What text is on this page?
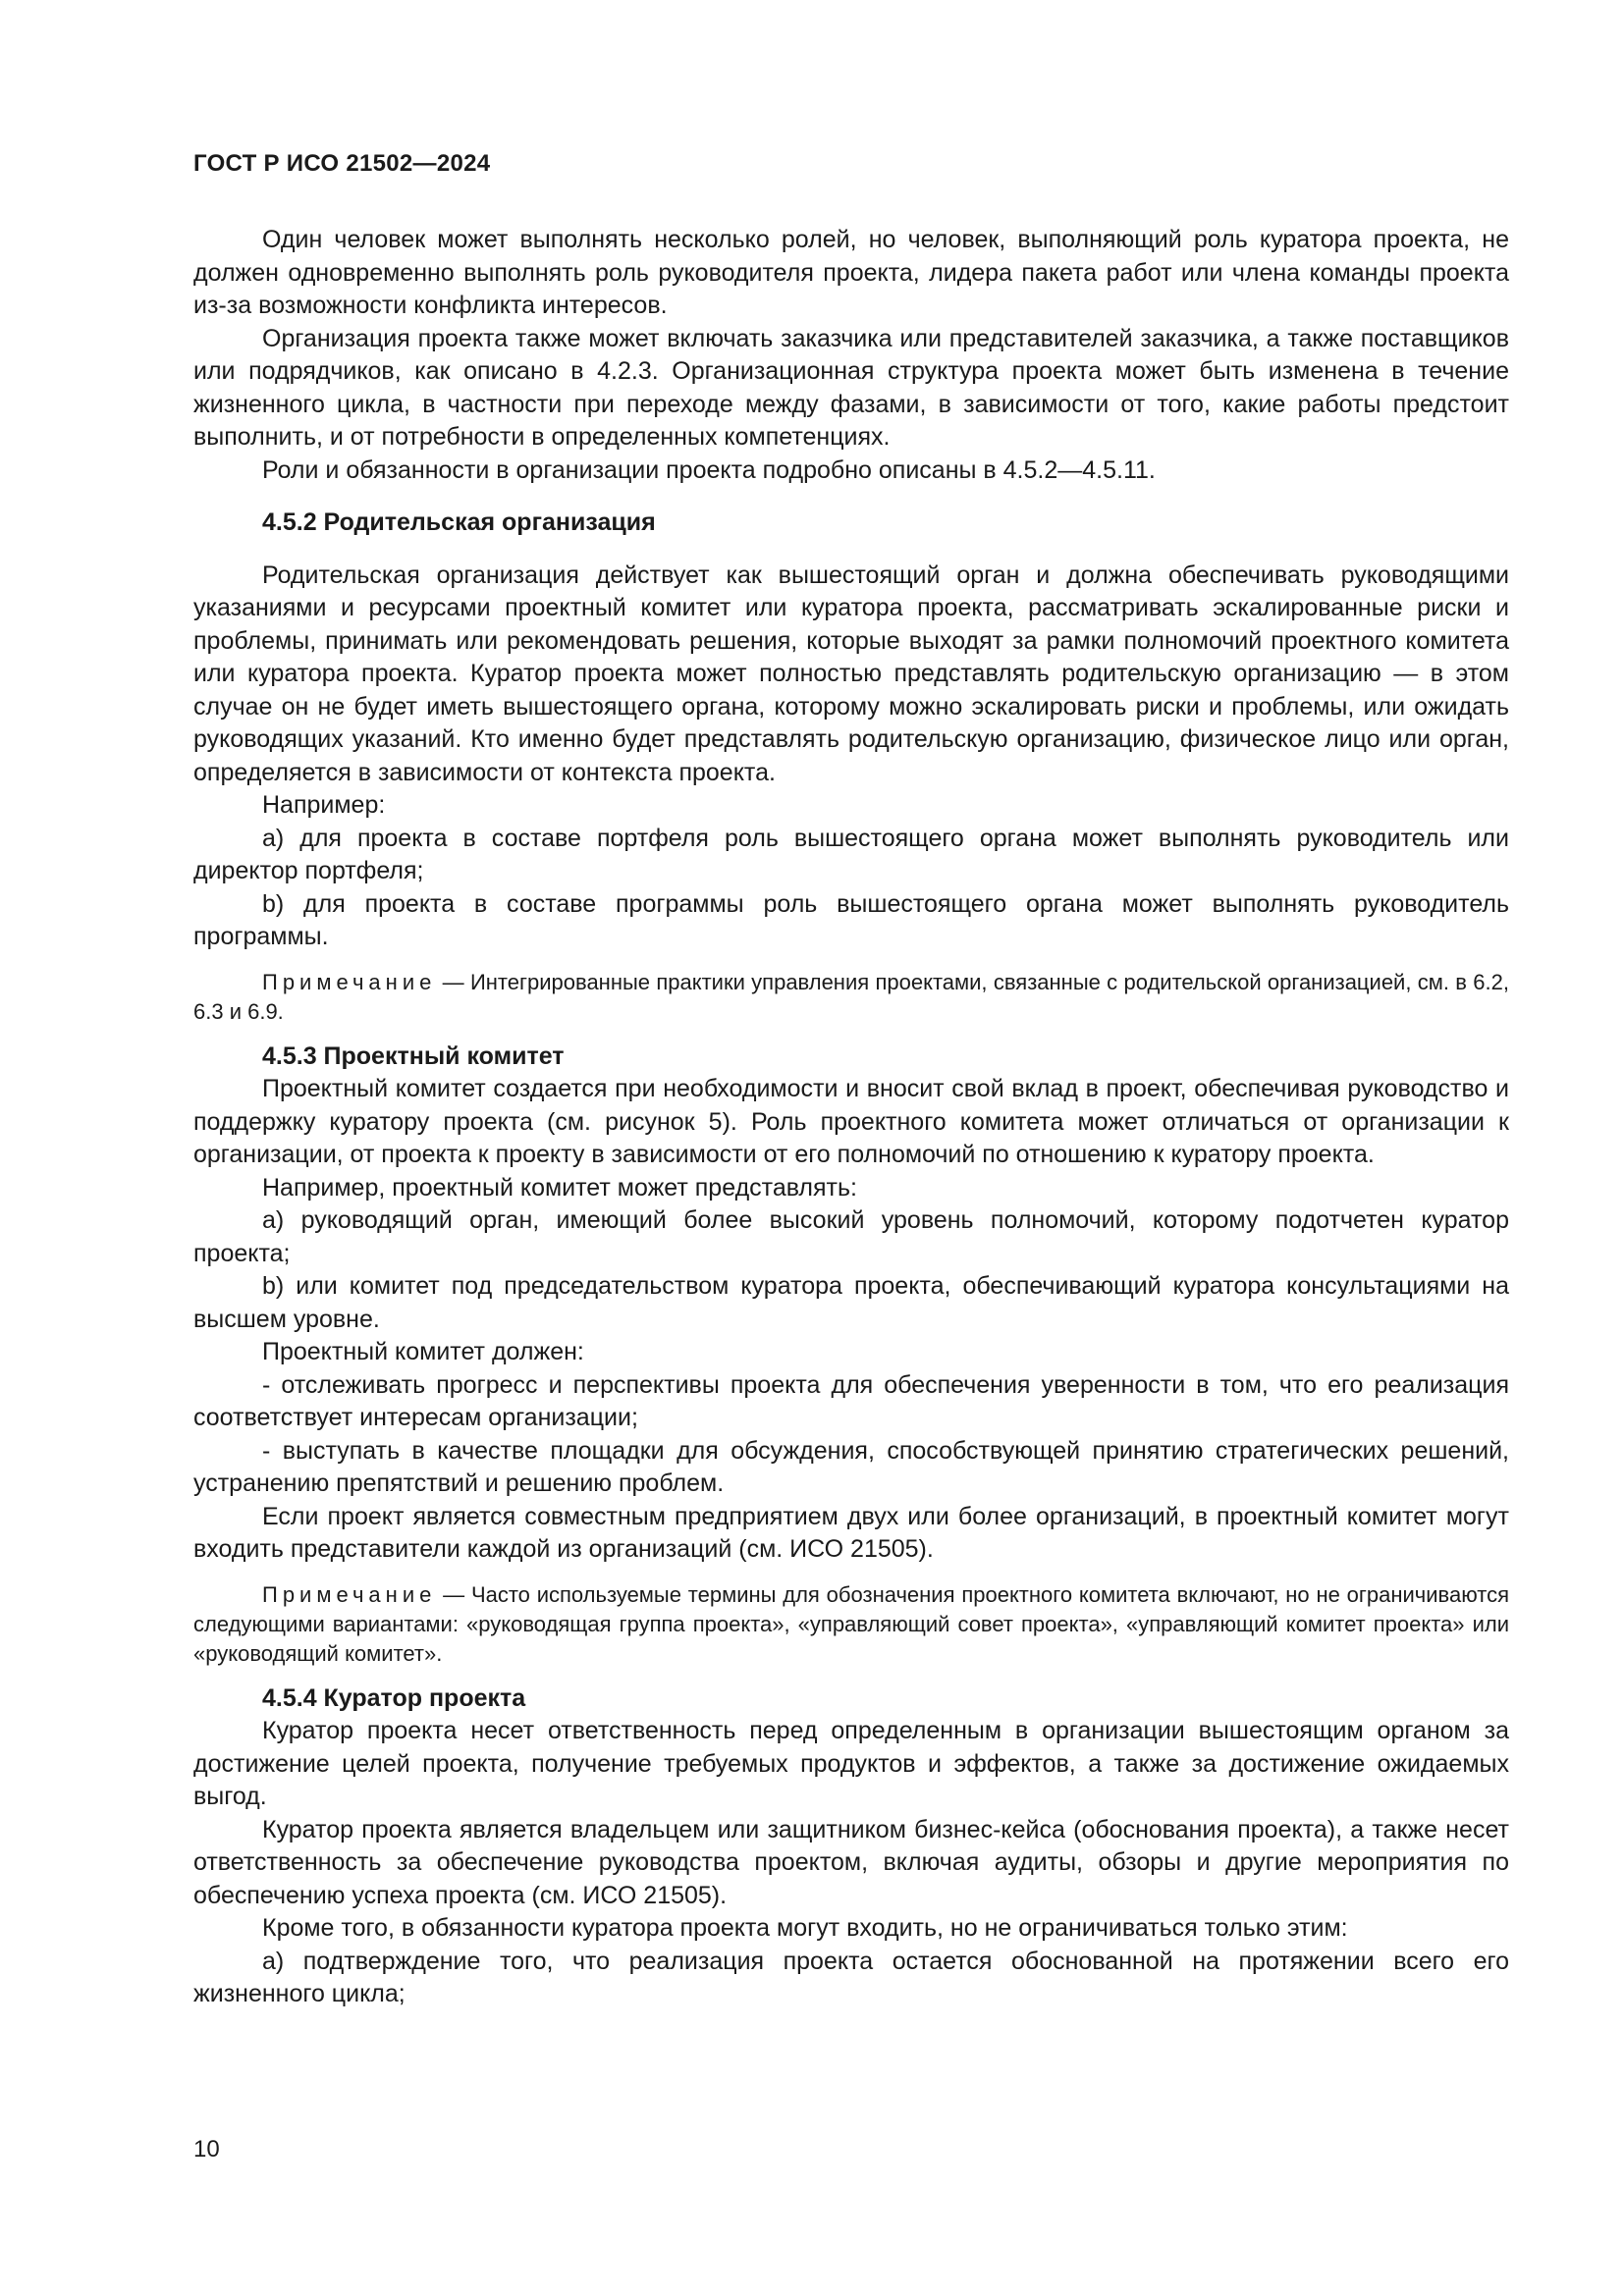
ГОСТ Р ИСО 21502—2024

Один человек может выполнять несколько ролей, но человек, выполняющий роль куратора проекта, не должен одновременно выполнять роль руководителя проекта, лидера пакета работ или члена команды проекта из-за возможности конфликта интересов.

Организация проекта также может включать заказчика или представителей заказчика, а также поставщиков или подрядчиков, как описано в 4.2.3. Организационная структура проекта может быть изменена в течение жизненного цикла, в частности при переходе между фазами, в зависимости от того, какие работы предстоит выполнить, и от потребности в определенных компетенциях.

Роли и обязанности в организации проекта подробно описаны в 4.5.2—4.5.11.

4.5.2 Родительская организация

Родительская организация действует как вышестоящий орган и должна обеспечивать руководящими указаниями и ресурсами проектный комитет или куратора проекта, рассматривать эскалированные риски и проблемы, принимать или рекомендовать решения, которые выходят за рамки полномочий проектного комитета или куратора проекта. Куратор проекта может полностью представлять родительскую организацию — в этом случае он не будет иметь вышестоящего органа, которому можно эскалировать риски и проблемы, или ожидать руководящих указаний. Кто именно будет представлять родительскую организацию, физическое лицо или орган, определяется в зависимости от контекста проекта.

Например:

a) для проекта в составе портфеля роль вышестоящего органа может выполнять руководитель или директор портфеля;

b) для проекта в составе программы роль вышестоящего органа может выполнять руководитель программы.

Примечание — Интегрированные практики управления проектами, связанные с родительской организацией, см. в 6.2, 6.3 и 6.9.

4.5.3 Проектный комитет

Проектный комитет создается при необходимости и вносит свой вклад в проект, обеспечивая руководство и поддержку куратору проекта (см. рисунок 5). Роль проектного комитета может отличаться от организации к организации, от проекта к проекту в зависимости от его полномочий по отношению к куратору проекта.

Например, проектный комитет может представлять:

a) руководящий орган, имеющий более высокий уровень полномочий, которому подотчетен куратор проекта;

b) или комитет под председательством куратора проекта, обеспечивающий куратора консультациями на высшем уровне.

Проектный комитет должен:

- отслеживать прогресс и перспективы проекта для обеспечения уверенности в том, что его реализация соответствует интересам организации;

- выступать в качестве площадки для обсуждения, способствующей принятию стратегических решений, устранению препятствий и решению проблем.

Если проект является совместным предприятием двух или более организаций, в проектный комитет могут входить представители каждой из организаций (см. ИСО 21505).

Примечание — Часто используемые термины для обозначения проектного комитета включают, но не ограничиваются следующими вариантами: «руководящая группа проекта», «управляющий совет проекта», «управляющий комитет проекта» или «руководящий комитет».

4.5.4 Куратор проекта

Куратор проекта несет ответственность перед определенным в организации вышестоящим органом за достижение целей проекта, получение требуемых продуктов и эффектов, а также за достижение ожидаемых выгод.

Куратор проекта является владельцем или защитником бизнес-кейса (обоснования проекта), а также несет ответственность за обеспечение руководства проектом, включая аудиты, обзоры и другие мероприятия по обеспечению успеха проекта (см. ИСО 21505).

Кроме того, в обязанности куратора проекта могут входить, но не ограничиваться только этим:

a) подтверждение того, что реализация проекта остается обоснованной на протяжении всего его жизненного цикла;

10
